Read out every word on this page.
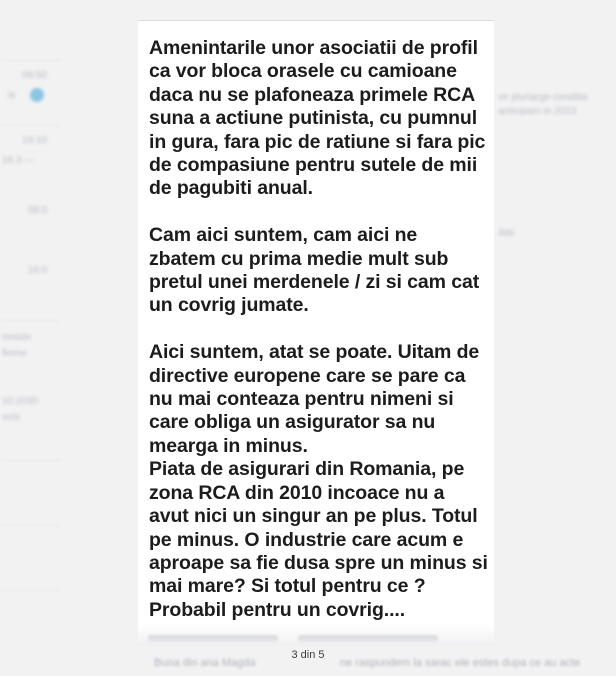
09:50
ie
19:10
18.3 —
08:0
16:0
ionisto
fiomo
10.2030
ocis
ve pluriarge conditia
anticipam in 2023
Altii
Amenintarile unor asociatii de profil
ca vor bloca orasele cu camioane
daca nu se plafoneaza primele RCA
suna a actiune putinista, cu pumnul
in gura, fara pic de ratiune si fara pic
de compasiune pentru sutele de mii
de pagubiti anual.
Cam aici suntem, cam aici ne
zbatem cu prima medie mult sub
pretul unei merdenele / zi si cam cat
un covrig jumate.
Aici suntem, atat se poate. Uitam de
directive europene care se pare ca
nu mai conteaza pentru nimeni si
care obliga un asigurator sa nu
mearga in minus.
Piata de asigurari din Romania, pe
zona RCA din 2010 incoace nu a
avut nici un singur an pe plus. Totul
pe minus. O industrie care acum e
aproape sa fie dusa spre un minus si
mai mare? Si totul pentru ce ?
Probabil pentru un covrig....
3 din 5
Buna din ana Magda	ne raspundem la sarac ele estes dupa ce au acte
